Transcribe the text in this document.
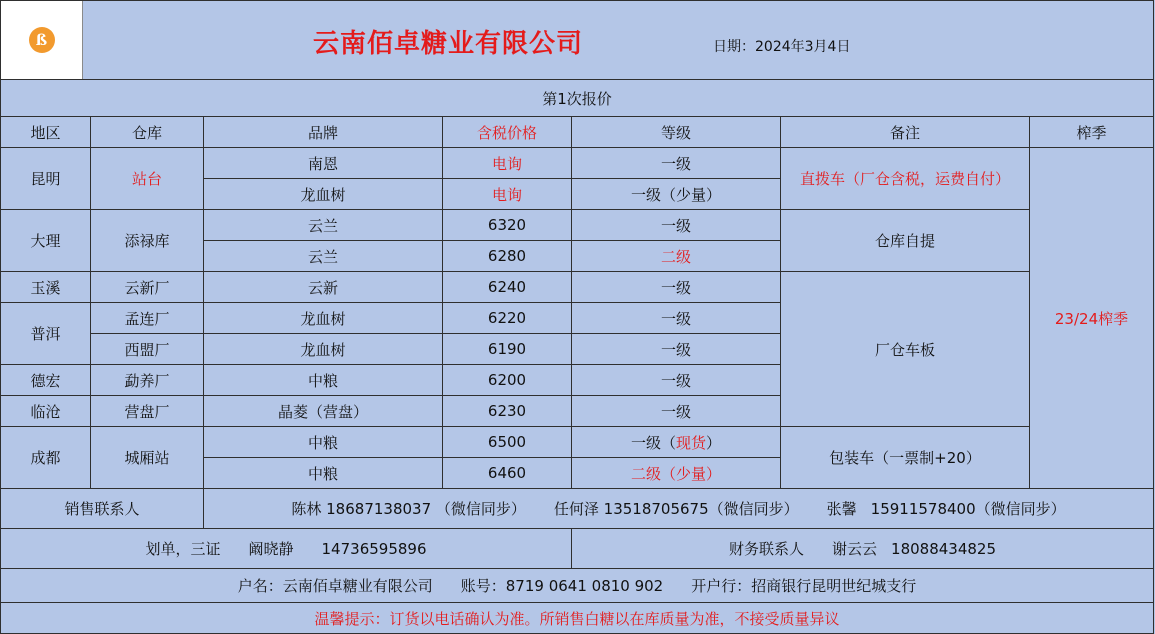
ß 云南佰卓糖业有限公司 日期：2024年3月4日						

第1次报价						
地区	仓库	品牌	含税价格	等级	备注	榨季
昆明	站台	南恩	电询	一级	直拨车（厂仓含税，运费自付）	23/24榨季
		龙血树	电询	一级（少量）		
大理	添禄库	云兰	6320	一级	仓库自提	
		云兰	6280	二级		
玉溪	云新厂	云新	6240	一级	厂仓车板	
普洱	孟连厂	龙血树	6220	一级		
	西盟厂	龙血树	6190	一级		
德宏	勐养厂	中粮	6200	一级		
临沧	营盘厂	晶菱（营盘）	6230	一级		
成都	城厢站	中粮	6500	一级（现货）	包装车（一票制+20）	
		中粮	6460	二级（少量）		
销售联系人		陈林 18687138037 （微信同步） 任何泽 13518705675（微信同步） 张馨 15911578400（微信同步）				
划单，三证 阚晓静 14736595896				财务联系人 谢云云 18088434825		
户名：云南佰卓糖业有限公司 账号：8719 0641 0810 902 开户行：招商银行昆明世纪城支行						
温馨提示：订货以电话确认为准。所销售白糖以在库质量为准，不接受质量异议						
